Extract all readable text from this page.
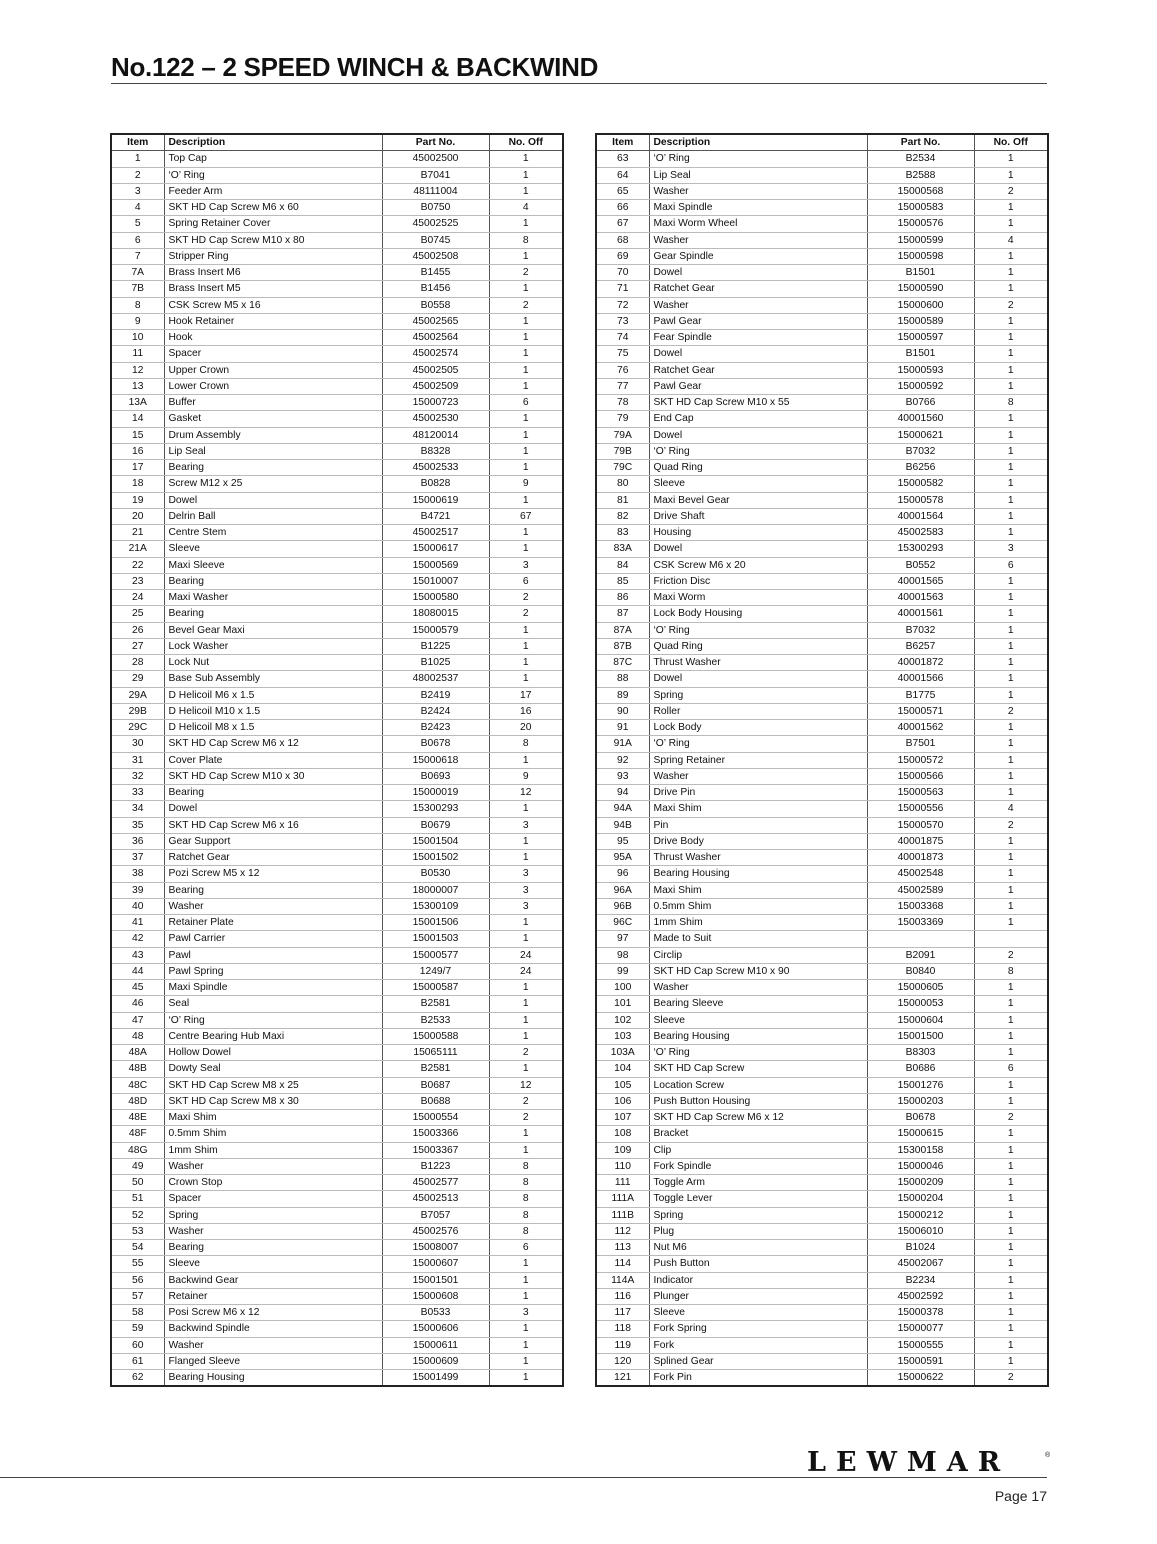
No.122 – 2 SPEED WINCH & BACKWIND
Item	Description	Part No.	No. Off
1	Top Cap	45002500	1
2	‘O’ Ring	B7041	1
3	Feeder Arm	48111004	1
4	SKT HD Cap Screw M6 x 60	B0750	4
5	Spring Retainer Cover	45002525	1
6	SKT HD Cap Screw M10 x 80	B0745	8
7	Stripper Ring	45002508	1
7A	Brass Insert M6	B1455	2
7B	Brass Insert M5	B1456	1
8	CSK Screw M5 x 16	B0558	2
9	Hook Retainer	45002565	1
10	Hook	45002564	1
11	Spacer	45002574	1
12	Upper Crown	45002505	1
13	Lower Crown	45002509	1
13A	Buffer	15000723	6
14	Gasket	45002530	1
15	Drum Assembly	48120014	1
16	Lip Seal	B8328	1
17	Bearing	45002533	1
18	Screw M12 x 25	B0828	9
19	Dowel	15000619	1
20	Delrin Ball	B4721	67
21	Centre Stem	45002517	1
21A	Sleeve	15000617	1
22	Maxi Sleeve	15000569	3
23	Bearing	15010007	6
24	Maxi Washer	15000580	2
25	Bearing	18080015	2
26	Bevel Gear Maxi	15000579	1
27	Lock Washer	B1225	1
28	Lock Nut	B1025	1
29	Base Sub Assembly	48002537	1
29A	D Helicoil M6 x 1.5	B2419	17
29B	D Helicoil M10 x 1.5	B2424	16
29C	D Helicoil M8 x 1.5	B2423	20
30	SKT HD Cap Screw M6 x 12	B0678	8
31	Cover Plate	15000618	1
32	SKT HD Cap Screw M10 x 30	B0693	9
33	Bearing	15000019	12
34	Dowel	15300293	1
35	SKT HD Cap Screw M6 x 16	B0679	3
36	Gear Support	15001504	1
37	Ratchet Gear	15001502	1
38	Pozi Screw M5 x 12	B0530	3
39	Bearing	18000007	3
40	Washer	15300109	3
41	Retainer Plate	15001506	1
42	Pawl Carrier	15001503	1
43	Pawl	15000577	24
44	Pawl Spring	1249/7	24
45	Maxi Spindle	15000587	1
46	Seal	B2581	1
47	‘O’ Ring	B2533	1
48	Centre Bearing Hub Maxi	15000588	1
48A	Hollow Dowel	15065111	2
48B	Dowty Seal	B2581	1
48C	SKT HD Cap Screw M8 x 25	B0687	12
48D	SKT HD Cap Screw M8 x 30	B0688	2
48E	Maxi Shim	15000554	2
48F	0.5mm Shim	15003366	1
48G	1mm Shim	15003367	1
49	Washer	B1223	8
50	Crown Stop	45002577	8
51	Spacer	45002513	8
52	Spring	B7057	8
53	Washer	45002576	8
54	Bearing	15008007	6
55	Sleeve	15000607	1
56	Backwind Gear	15001501	1
57	Retainer	15000608	1
58	Posi Screw M6 x 12	B0533	3
59	Backwind Spindle	15000606	1
60	Washer	15000611	1
61	Flanged Sleeve	15000609	1
62	Bearing Housing	15001499	1
Item	Description	Part No.	No. Off
63	‘O’ Ring	B2534	1
64	Lip Seal	B2588	1
65	Washer	15000568	2
66	Maxi Spindle	15000583	1
67	Maxi Worm Wheel	15000576	1
68	Washer	15000599	4
69	Gear Spindle	15000598	1
70	Dowel	B1501	1
71	Ratchet Gear	15000590	1
72	Washer	15000600	2
73	Pawl Gear	15000589	1
74	Fear Spindle	15000597	1
75	Dowel	B1501	1
76	Ratchet Gear	15000593	1
77	Pawl Gear	15000592	1
78	SKT HD Cap Screw M10 x 55	B0766	8
79	End Cap	40001560	1
79A	Dowel	15000621	1
79B	‘O’ Ring	B7032	1
79C	Quad Ring	B6256	1
80	Sleeve	15000582	1
81	Maxi Bevel Gear	15000578	1
82	Drive Shaft	40001564	1
83	Housing	45002583	1
83A	Dowel	15300293	3
84	CSK Screw M6 x 20	B0552	6
85	Friction Disc	40001565	1
86	Maxi Worm	40001563	1
87	Lock Body Housing	40001561	1
87A	‘O’ Ring	B7032	1
87B	Quad Ring	B6257	1
87C	Thrust Washer	40001872	1
88	Dowel	40001566	1
89	Spring	B1775	1
90	Roller	15000571	2
91	Lock Body	40001562	1
91A	‘O’ Ring	B7501	1
92	Spring Retainer	15000572	1
93	Washer	15000566	1
94	Drive Pin	15000563	1
94A	Maxi Shim	15000556	4
94B	Pin	15000570	2
95	Drive Body	40001875	1
95A	Thrust Washer	40001873	1
96	Bearing Housing	45002548	1
96A	Maxi Shim	45002589	1
96B	0.5mm Shim	15003368	1
96C	1mm Shim	15003369	1
97	Made to Suit		
98	Circlip	B2091	2
99	SKT HD Cap Screw M10 x 90	B0840	8
100	Washer	15000605	1
101	Bearing Sleeve	15000053	1
102	Sleeve	15000604	1
103	Bearing Housing	15001500	1
103A	‘O’ Ring	B8303	1
104	SKT HD Cap Screw	B0686	6
105	Location Screw	15001276	1
106	Push Button Housing	15000203	1
107	SKT HD Cap Screw M6 x 12	B0678	2
108	Bracket	15000615	1
109	Clip	15300158	1
110	Fork Spindle	15000046	1
111	Toggle Arm	15000209	1
111A	Toggle Lever	15000204	1
111B	Spring	15000212	1
112	Plug	15006010	1
113	Nut M6	B1024	1
114	Push Button	45002067	1
114A	Indicator	B2234	1
116	Plunger	45002592	1
117	Sleeve	15000378	1
118	Fork Spring	15000077	1
119	Fork	15000555	1
120	Splined Gear	15000591	1
121	Fork Pin	15000622	2
LEWMAR	®
Page 17
